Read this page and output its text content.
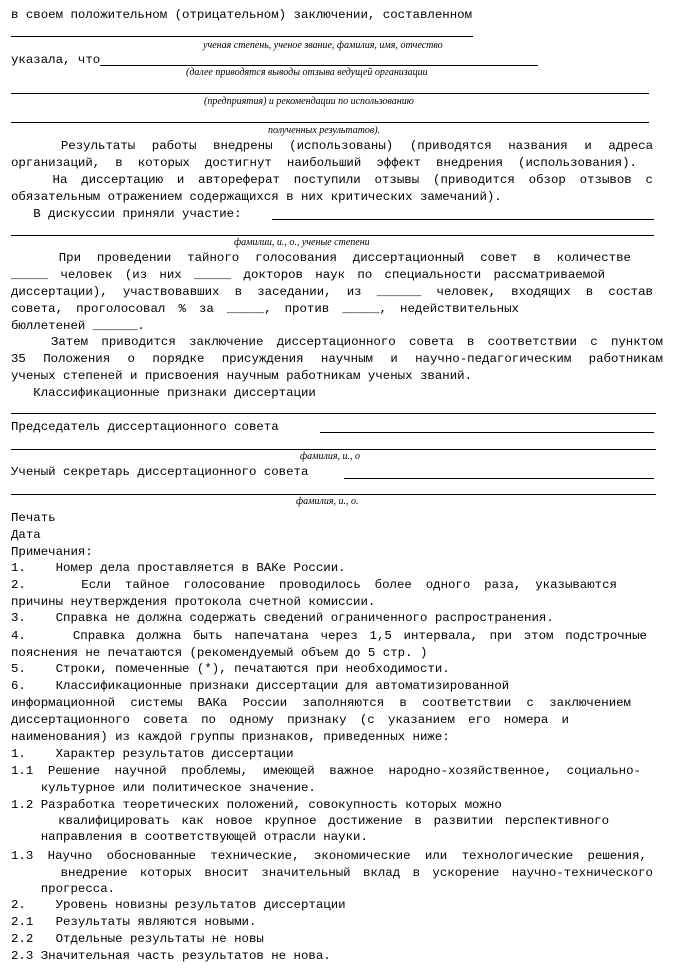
в своем положительном (отрицательном) заключении, составленном
ученая степень, ученое звание, фамилия, имя, отчество
указала, что
(далее приводятся выводы отзыва ведущей организации
(предприятия) и рекомендации по использованию
полученных результатов).
Результаты работы внедрены (использованы) (приводятся названия и адреса
организаций, в которых достигнут наибольший эффект внедрения (использования).
На диссертацию и автореферат поступили отзывы (приводится обзор отзывов с
обязательным отражением содержащихся в них критических замечаний).
В дискуссии приняли участие:
фамилии, и., о., ученые степени
При проведении тайного голосования диссертационный совет в количестве
_____ человек (из них _____ докторов наук по специальности рассматриваемой
диссертации), участвовавших в заседании, из ______ человек, входящих в состав
совета, проголосовал % за _____, против _____, недействительных
бюллетеней ______.
Затем приводится заключение диссертационного совета в соответствии с пунктом
35 Положения о порядке присуждения научным и научно-педагогическим работникам
ученых степеней и присвоения научным работникам ученых званий.
Классификационные признаки диссертации
Председатель диссертационного совета
фамилия, и., о
Ученый секретарь диссертационного совета
фамилия, и., о.
Печать
Дата
Примечания:
1.    Номер дела проставляется в ВАКе России.
2.    Если тайное голосование проводилось более одного раза, указываются
причины неутверждения протокола счетной комиссии.
3.    Справка не должна содержать сведений ограниченного распространения.
4.    Справка должна быть напечатана через 1,5 интервала, при этом подстрочные
пояснения не печатаются (рекомендуемый объем до 5 стр. )
5.    Строки, помеченные (*), печатаются при необходимости.
6.    Классификационные признаки диссертации для автоматизированной
информационной системы ВАКа России заполняются в соответствии с заключением
диссертационного совета по одному признаку (с указанием его номера и
наименования) из каждой группы признаков, приведенных ниже:
1.    Характер результатов диссертации
1.1 Решение научной проблемы, имеющей важное народно-хозяйственное, социально-
культурное или политическое значение.
1.2 Разработка теоретических положений, совокупность которых можно
квалифицировать как новое крупное достижение в развитии перспективного
направления в соответствующей отрасли науки.
1.3 Научно обоснованные технические, экономические или технологические решения,
внедрение которых вносит значительный вклад в ускорение научно-технического
прогресса.
2.    Уровень новизны результатов диссертации
2.1   Результаты являются новыми.
2.2   Отдельные результаты не новы
2.3 Значительная часть результатов не нова.
